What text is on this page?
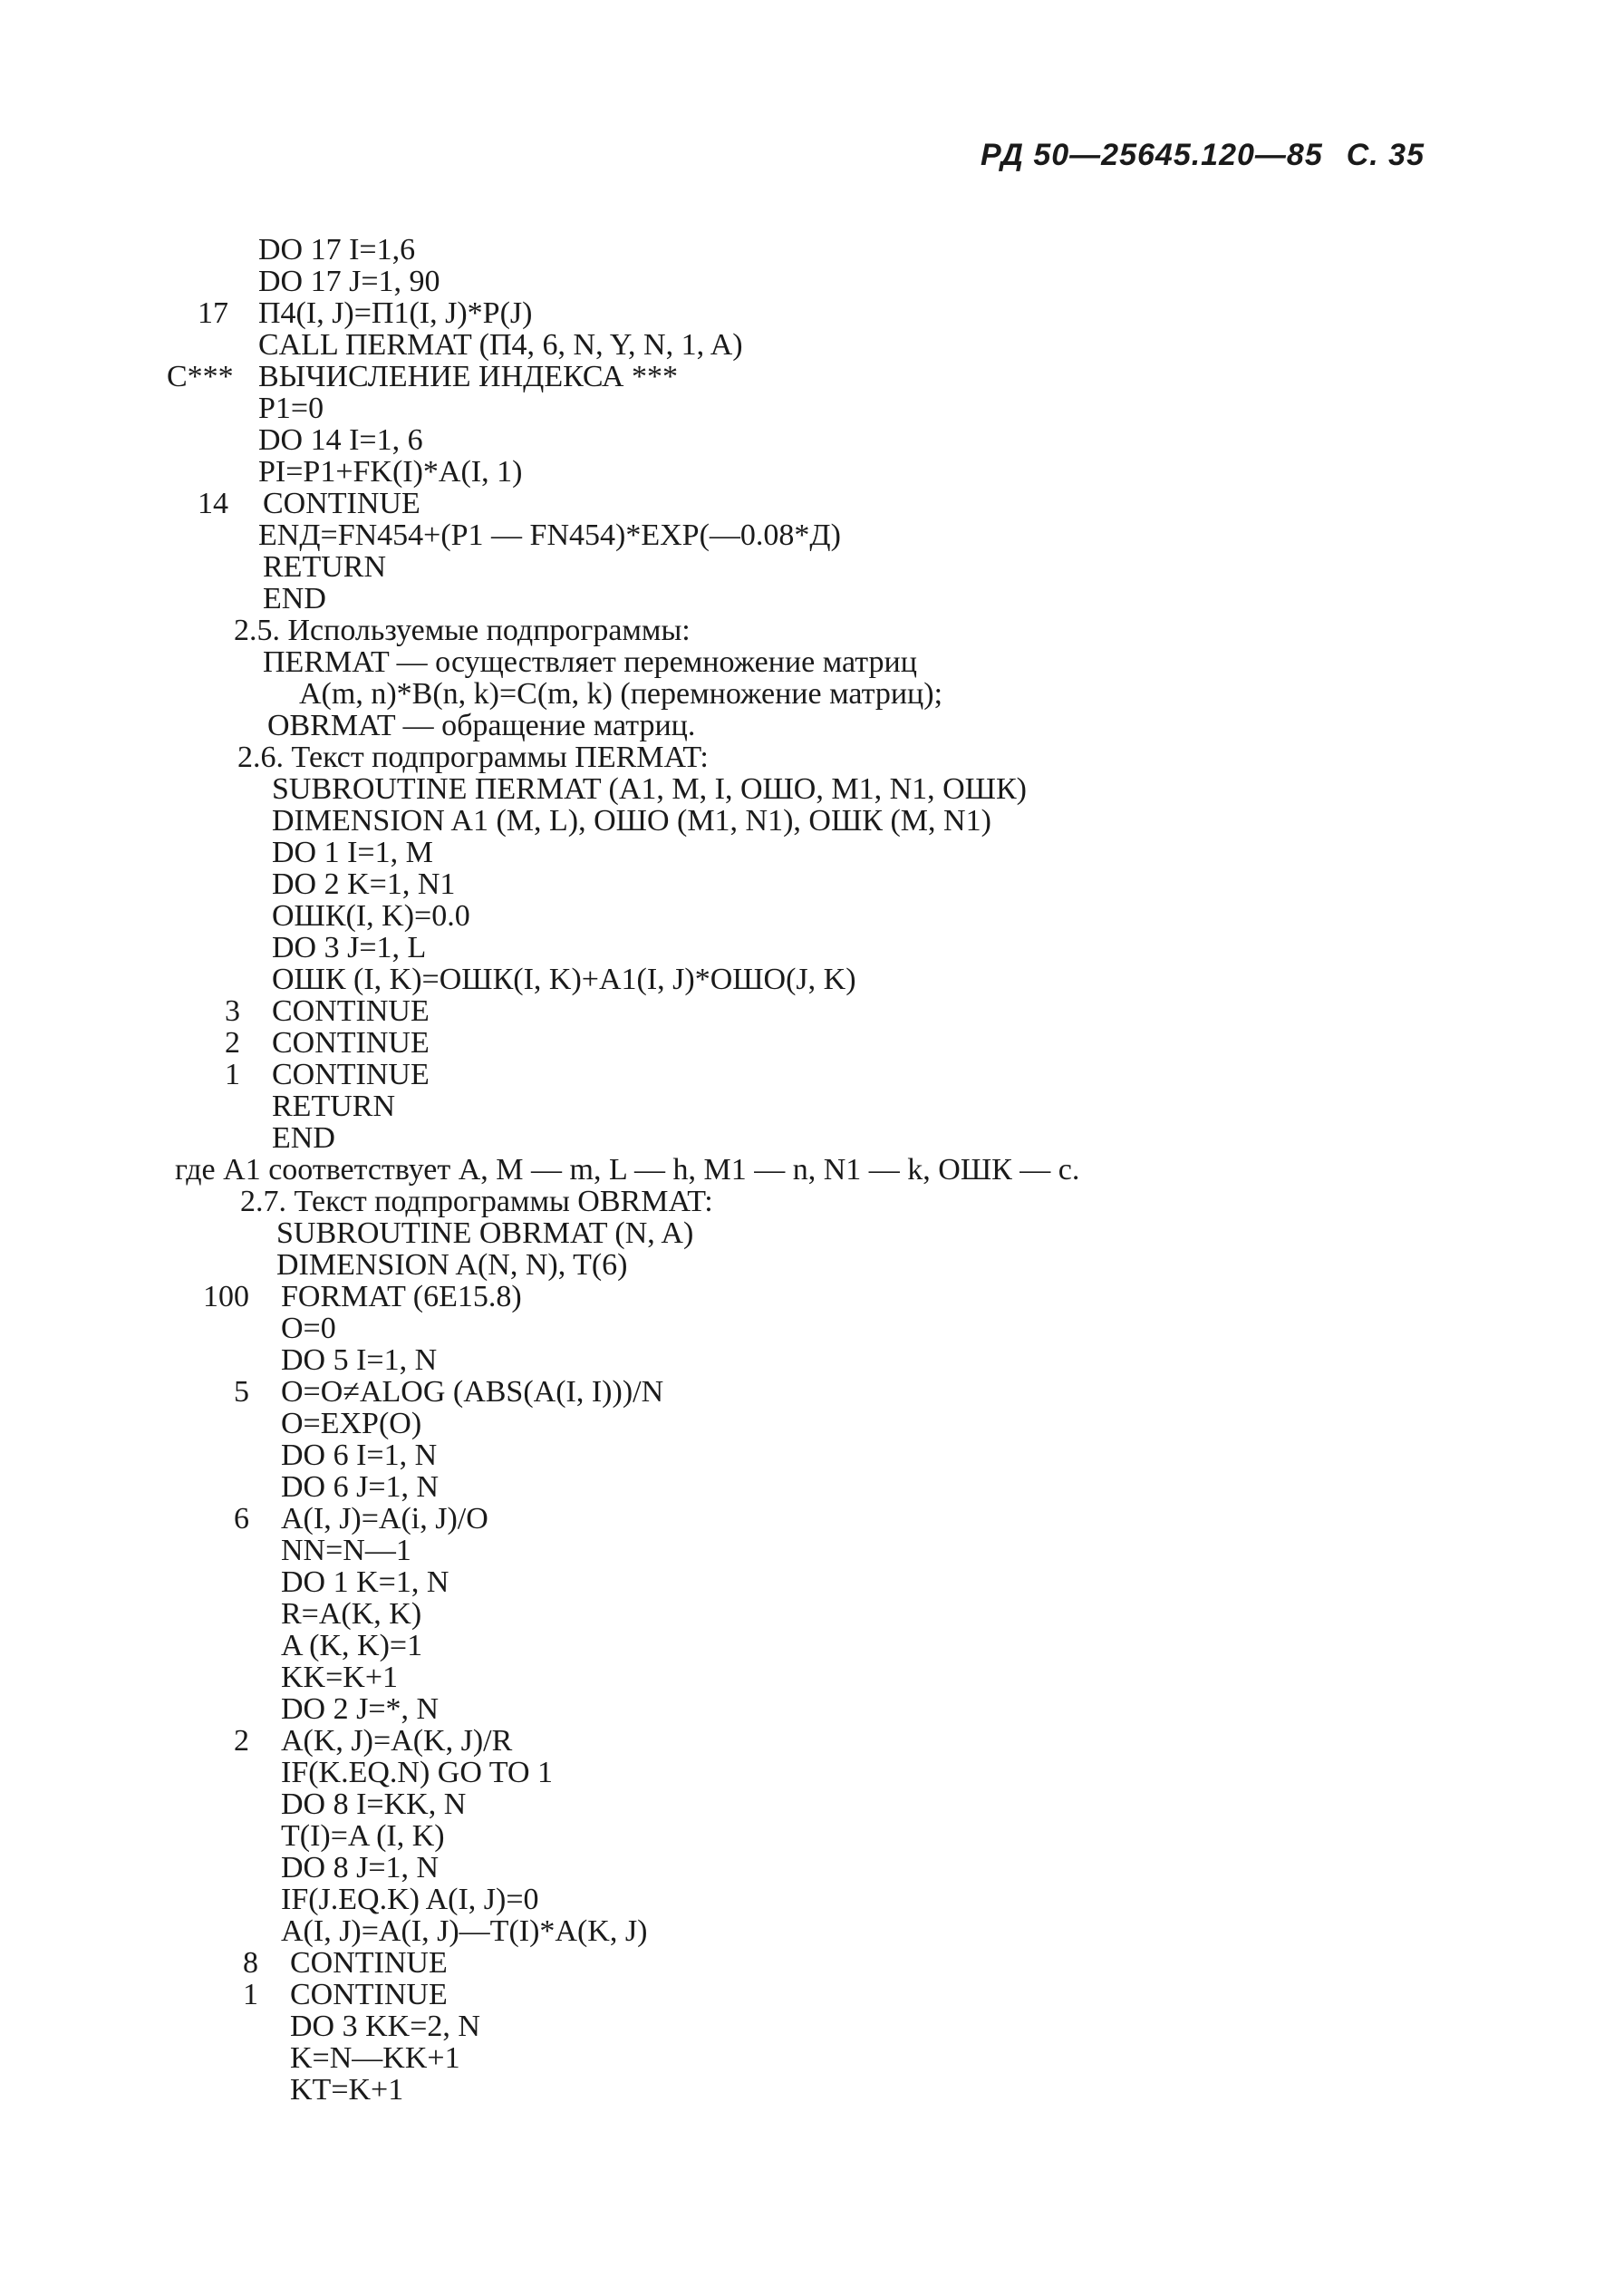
РД 50—25645.120—85 С. 35
DO 17 I=1,6
DO 17 J=1, 90
17 П4(I, J)=П1(I, J)*P(J)
CALL ПЕRMAT (П4, 6, N, Y, N, 1, A)
C*** ВЫЧИСЛЕНИЕ ИНДЕКСА ***
P1=0
DO 14 I=1, 6
PI=P1+FK(I)*A(I, 1)
14 CONTINUE
ENД=FN454+(P1 — FN454)*EXP(—0.08*Д)
RETURN
END
2.5. Используемые подпрограммы:
ПЕRMAT — осуществляет перемножение матриц
A(m, n)*B(n, k)=C(m, k) (перемножение матриц);
OBRMAT — обращение матриц.
2.6. Текст подпрограммы ПЕRMAT:
SUBROUTINE ПЕRMAT (A1, M, I, ОШО, M1, N1, ОШК)
DIMENSION A1 (M, L), ОШО (M1, N1), ОШК (M, N1)
DO 1 I=1, M
DO 2 K=1, N1
ОШК(I, K)=0.0
DO 3 J=1, L
ОШК (I, K)=ОШК(I, K)+A1(I, J)*ОШО(J, K)
3 CONTINUE
2 CONTINUE
1 CONTINUE
RETURN
END
где A1 соответствует A, M — m, L — h, M1 — n, N1 — k, ОШК — c.
2.7. Текст подпрограммы OBRMAT:
SUBROUTINE OBRMAT (N, A)
DIMENSION A(N, N), T(6)
100 FORMAT (6E15.8)
O=0
DO 5 I=1, N
5 O=O≠ALOG (ABS(A(I, I)))/N
O=EXP(O)
DO 6 I=1, N
DO 6 J=1, N
6 A(I, J)=A(i, J)/O
NN=N—1
DO 1 K=1, N
R=A(K, K)
A (K, K)=1
KK=K+1
DO 2 J=*, N
2 A(K, J)=A(K, J)/R
IF(K.EQ.N) GO TO 1
DO 8 I=KK, N
T(I)=A (I, K)
DO 8 J=1, N
IF(J.EQ.K) A(I, J)=0
A(I, J)=A(I, J)—T(I)*A(K, J)
8 CONTINUE
1 CONTINUE
DO 3 KK=2, N
K=N—KK+1
KT=K+1
